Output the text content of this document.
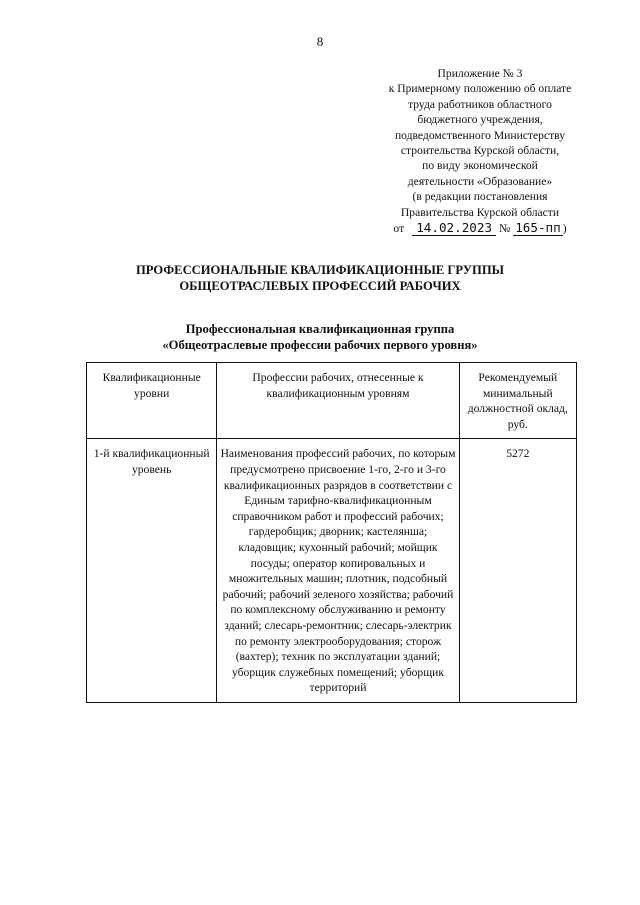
8
Приложение № 3
к Примерному положению об оплате
труда работников областного
бюджетного учреждения,
подведомственного Министерству
строительства Курской области,
по виду экономической
деятельности «Образование»
(в редакции постановления
Правительства Курской области
от 14.02.2023 № 165-пп )
ПРОФЕССИОНАЛЬНЫЕ КВАЛИФИКАЦИОННЫЕ ГРУППЫ
ОБЩЕОТРАСЛЕВЫХ ПРОФЕССИЙ РАБОЧИХ
Профессиональная квалификационная группа
«Общеотраслевые профессии рабочих первого уровня»
Квалификационные уровни	Профессии рабочих, отнесенные к квалификационным уровням	Рекомендуемый минимальный должностной оклад, руб.
1-й квалификационный уровень	Наименования профессий рабочих, по которым предусмотрено присвоение 1-го, 2-го и 3-го квалификационных разрядов в соответствии с Единым тарифно-квалификационным справочником работ и профессий рабочих; гардеробщик; дворник; кастелянша; кладовщик; кухонный рабочий; мойщик посуды; оператор копировальных и множительных машин; плотник, подсобный рабочий; рабочий зеленого хозяйства; рабочий по комплексному обслуживанию и ремонту зданий; слесарь-ремонтник; слесарь-электрик по ремонту электрооборудования; сторож (вахтер); техник по эксплуатации зданий; уборщик служебных помещений; уборщик территорий	5272
